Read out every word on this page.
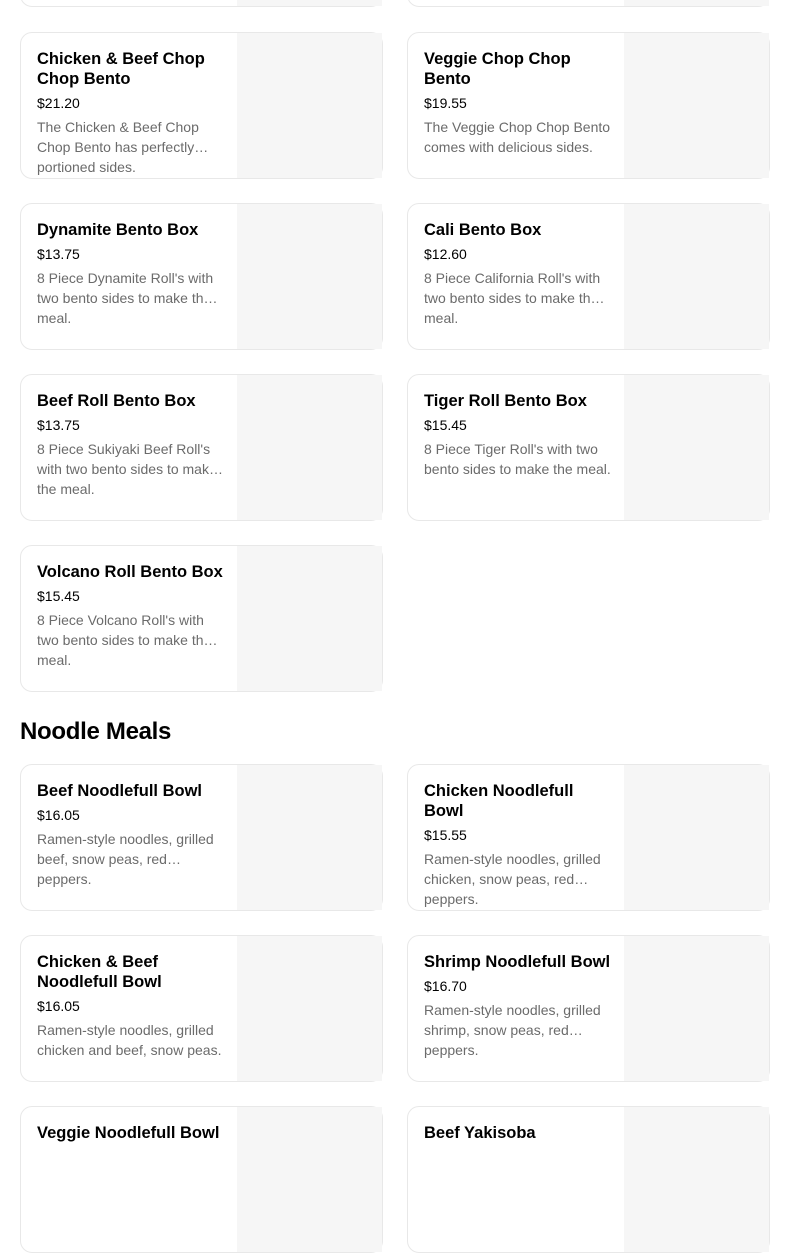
Chicken & Beef Chop Chop Bento
$21.20
The Chicken & Beef Chop Chop Bento has perfectly portioned sides.
Veggie Chop Chop Bento
$19.55
The Veggie Chop Chop Bento comes with delicious sides.
Dynamite Bento Box
$13.75
8 Piece Dynamite Roll's with two bento sides to make the meal.
Cali Bento Box
$12.60
8 Piece California Roll's with two bento sides to make the meal.
Beef Roll Bento Box
$13.75
8 Piece Sukiyaki Beef Roll's with two bento sides to make the meal.
Tiger Roll Bento Box
$15.45
8 Piece Tiger Roll's with two bento sides to make the meal.
Volcano Roll Bento Box
$15.45
8 Piece Volcano Roll's with two bento sides to make the meal.
Noodle Meals
Beef Noodlefull Bowl
$16.05
Ramen-style noodles, grilled beef, snow peas, red peppers.
Chicken Noodlefull Bowl
$15.55
Ramen-style noodles, grilled chicken, snow peas, red peppers.
Chicken & Beef Noodlefull Bowl
$16.05
Ramen-style noodles, grilled chicken and beef, snow peas.
Shrimp Noodlefull Bowl
$16.70
Ramen-style noodles, grilled shrimp, snow peas, red peppers.
Veggie Noodlefull Bowl	Beef Yakisoba
